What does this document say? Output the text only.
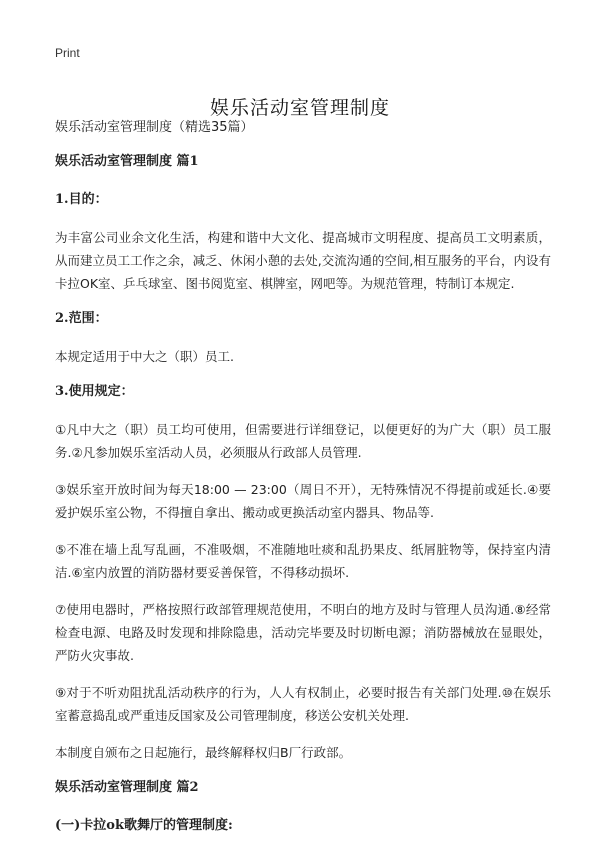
Print
娱乐活动室管理制度

娱乐活动室管理制度（精选35篇）

娱乐活动室管理制度 篇1

1.目的：

为丰富公司业余文化生活，构建和谐中大文化、提高城市文明程度、提高员工文明素质，从而建立员工工作之余，减乏、休闲小憩的去处,交流沟通的空间,相互服务的平台，内设有卡拉OK室、乒乓球室、图书阅览室、棋牌室，网吧等。为规范管理，特制订本规定.

2.范围：

本规定适用于中大之（职）员工.

3.使用规定：

①凡中大之（职）员工均可使用，但需要进行详细登记，以便更好的为广大（职）员工服务.②凡参加娱乐室活动人员，必须服从行政部人员管理.

③娱乐室开放时间为每天18:00 — 23:00（周日不开），无特殊情况不得提前或延长.④要爱护娱乐室公物，不得擅自拿出、搬动或更换活动室内器具、物品等.

⑤不准在墙上乱写乱画，不准吸烟，不准随地吐痰和乱扔果皮、纸屑脏物等，保持室内清洁.⑥室内放置的消防器材要妥善保管，不得移动损坏.

⑦使用电器时，严格按照行政部管理规范使用，不明白的地方及时与管理人员沟通.⑧经常检查电源、电路及时发现和排除隐患，活动完毕要及时切断电源；消防器械放在显眼处，严防火灾事故.

⑨对于不听劝阻扰乱活动秩序的行为，人人有权制止，必要时报告有关部门处理.⑩在娱乐室蓄意捣乱或严重违反国家及公司管理制度，移送公安机关处理.

本制度自颁布之日起施行，最终解释权归B厂行政部。

娱乐活动室管理制度 篇2

(一)卡拉ok歌舞厅的管理制度:
